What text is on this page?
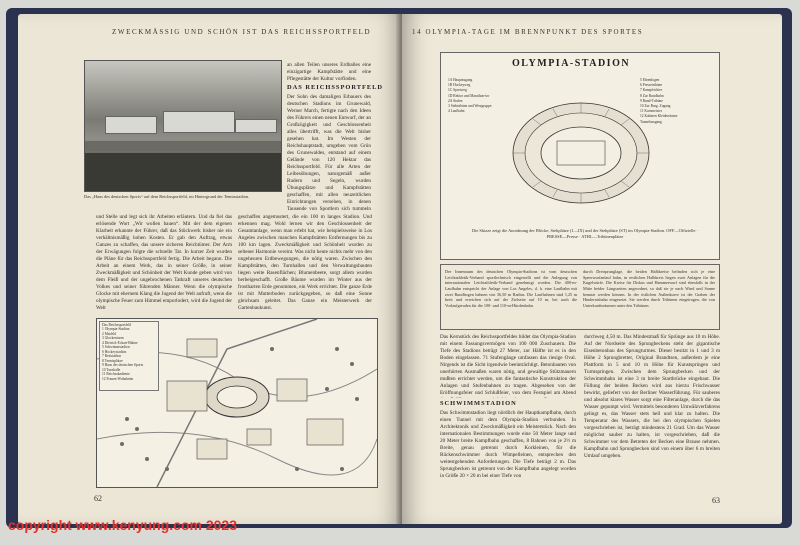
ZWECKMÄSSIG UND SCHÖN IST DAS REICHSSPORTFELD
Das „Haus des deutschen Sports“ auf dem Reichssportfeld, im Hintergrund der Tennisstadion.
an allen Teilen unseres Erdballes eine einzigartige Kampfstätte und eine Pflegestätte der Kultur vorfinden.
DAS REICHSSPORTFELD
Der Sohn des damaligen Erbauers des deutschen Stadions im Grunewald, Werner March, fertigte nach den Ideen des Führers einen neuen Entwurf, der an Großzügigkeit und Geschlossenheit alles übertrifft, was die Welt bisher gesehen hat. Im Westen der Reichshauptstadt, umgeben vom Grün des Grunewaldes, entstand auf einem Gelände von 120 Hektar das Reichssportfeld. Für alle Arten der Leibesübungen, naturgemäß außer Rudern und Segeln, wurden Übungsplätze und Kampfstätten geschaffen, mit allen neuzeitlichen Einrichtungen versehen, in denen Tausende von Sportlern sich tummeln
und Stelle und legt sich ihr Arbeiten erläutern. Und da fiel das erlösende Wort „Wir wollen bauen“. Mit der dem eigenen Klarheit erkannte der Führer, daß das Stückwerk bisher nie ein verhältnismäßig hohen Kosten. Er gab den Auftrag, etwas Ganzes zu schaffen, das unsere sicheren Reichtümer. Der Arm der Erwägungen folgte die schnelle Tat. In kurzer Zeit wurden die Pläne für das Reichssportfeld fertig. Die Arbeit begann. Die Arbeit an einem Werk, das in seiner Größe, in seiner Zweckmäßigkeit und Schönheit der Welt Kunde geben wird von dem Fleiß und der ungebrochenen Tatkraft unseres deutschen Volkes und seiner führenden Männer. Wenn die olympische Glocke mit ehernem Klang die Jugend der Welt aufruft, wenn die olympische Feuer zum Himmel emporlodert, wird die Jugend der Welt
geschaffen angemustert, die ein 100 m langes Stadion. Und erkennen mag. Wohl lernen wir den Geschlossenheit der Gesamtanlage, wenn man erlebt hat, wie beispielsweise in Los Angeles zwischen manchen Kampfstätten Entfernungen bis zu 100 km lagen. Zweckmäßigkeit und Schönheit wurden zu seltener Harmonie vereint. Was nicht heute nichts mehr von den ungeheuren Erdbewegungen, die nötig waren. Zwischen den Kampfstätten, den Turnhallen und den Verwaltungsbauten liegen weite Rasenflächen; Blumenbeete, sorgt allem wurden herbeigeschafft. Große Bäume wurden im Winter aus der frostharten Erde genommen, ein Werk errichtet. Die ganze Erde ist mit Mutterboden zurückgegeben, so daß eine Sonne gleichsam geleitet. Das Ganze ein Meisterwerk der Gartenbaukunst.
Das Reichssportfeld
1 Olympia-Stadion
2 Maifeld
3 Glockenturm
4 Dietrich-Eckart-Bühne
5 Schwimmstadion
6 Hockeystadion
7 Reitstadion
8 Tennisplätze
9 Haus des deutschen Sports
10 Turnhalle
11 Reichsakademie
12 Frauen-Wohnheim
62
14 OLYMPIA-TAGE IM BRENNPUNKT DES SPORTES
OLYMPIA-STADION
1A Hauptzugang
1B Hockeyweg
1C Sportweg
1D Rektor und Marathon-tor
2A Stufen
3 Stehtribüne und Westgruppe
4 Laufbahn
5 Ehrenlogen
6 Pressetribüne
7 Kampfrichter
8 Zur Rundbahn
9 Rund-Tribüne
10 Zur Burg. Zugang
11 Kursmeister
12 Kabinen Kleiderräume
Tunnelausgang
Die Skizze zeigt die Anordnung der Blöcke, Stehplätze (1—IX) und der Stehplätze (ST) im Olympia-Stadion. OFF—Offizielle · PRESSE—Presse · ATHL—Tribünenplätze
Der Innenraum des deutschen Olympia-Stadions ist vom deutschen Leichtathletik-Verband sportlechnisch eingestellt und die Anlegung von internationalen Leichtathletik-Verband genehmigt worden. Die 400-m-Laufbahn entspricht der Anlage von Los Angeles, d. h. eine Laufbahn mit zwei Rundbogen bahnen von 36,50 m Radius. Die Laufbahnen sind 1,25 m breit und erreichen sich auf der Zielseite auf 10 m, bei auch die Vorlaufgeraden für die 100- und 110-m-Hürdenbahn.
durch Dreisprunglage, die beiden Halbkreise befinden sich je eine Speerwurfanlauf bahn, in restlichen Halbkreis liegen zwei Anlagen für die Kugelwürfe. Die Kreise für Diskus und Hammerwurf sind ebenfalls in der Mitte beider Längsseiten angeordnet, so daß sie je nach Wind und Sonne benutzt werden können. In der östlichen Außenkurve ist der Graben der Hindernisbahn eingesetzt. Sie werden durch Tribünen eingetragen, die von Unterkunftsräumen unter den Tribünen.
Das Kernstück des Reichssportfeldes bildet das Olympia-Stadion mit einem Fassungsvermögen von 100 000 Zuschauern. Die Tiefe des Stadions beträgt 27 Meter, zur Hälfte ist es in den Boden eingelassen. 71 Stufengänge umfassen das riesige Oval. Nirgends ist die Sicht irgendwie beeinträchtigt. Betonbauten von unerhörten Ausmaßen waren nötig, und gewaltige Stützmauern mußten errichtet werden, um die fantastische Konstruktion der Anlagen und Stufenbahnen zu tragen. Abgesehen von der Eröffnungsfeier und Schlußfeier, von dem Festspiel am Abend
SCHWIMMSTADION
Das Schwimmstadion liegt nördlich der Hauptkampfbahn, durch einen Tunnel mit dem Olympia-Stadion verbunden. In Architektonik und Zweckmäßigkeit ein Meisterstück. Nach den internationalen Bestimmungen wurde eine 50 Meter lange und 20 Meter breite Kampfbahn geschaffen, 8 Bahnen von je 2½ m Breite, genau getrennt durch Korkleinen, für die Rückenschwimmer durch Wimpelleinen, entsprechen den weitestgehenden Anforderungen. Die Tiefe beträgt 2 m. Das Sprungbecken ist getrennt von der Kampfbahn angelegt worden in Größe 20 × 20 m bei einer Tiefe von
durchweg 4,50 m. Das Mindestmaß für Sprünge aus 10 m Höhe. Auf der Nordseite des Sprungbeckens steht der gigantische Eisenbetonbau des Sprungturmes. Dieser besitzt in 1 und 3 m Höhe 2 Sprungbretter, Original Brandtsen, außerdem je eine Plattform in 5 und 10 m Höhe für Kunstspringen und Turmspringen. Zwischen dem Sprungbecken und der Schwimmbahn ist eine 3 m breite Startbrücke eingebaut. Die Füllung der beiden Becken wird aus hierzu Frischwasser bewirkt, geliefert von der Berliner Wasserführung. Für sauberes und absolut klares Wasser sorgt eine Filteranlage, durch die das Wasser gepumpt wird. Vermittels besonderen Umwälzverfahrens gelingt es, das Wasser stets hell und klar zu halten. Die Temperatur des Wassers, die bei den olympischen Spielen vorgeschrieben ist, beträgt mindestens 21 Grad. Um das Wasser möglichst sauber zu halten, ist vorgeschrieben, daß die Schwimmer vor dem Betreten der Becken eine Brause nehmen. Kampfbahn und Sprungbecken sind von einem über 6 m breiten Umlauf umgeben.
63
copyright www.kenyung.com 2023
